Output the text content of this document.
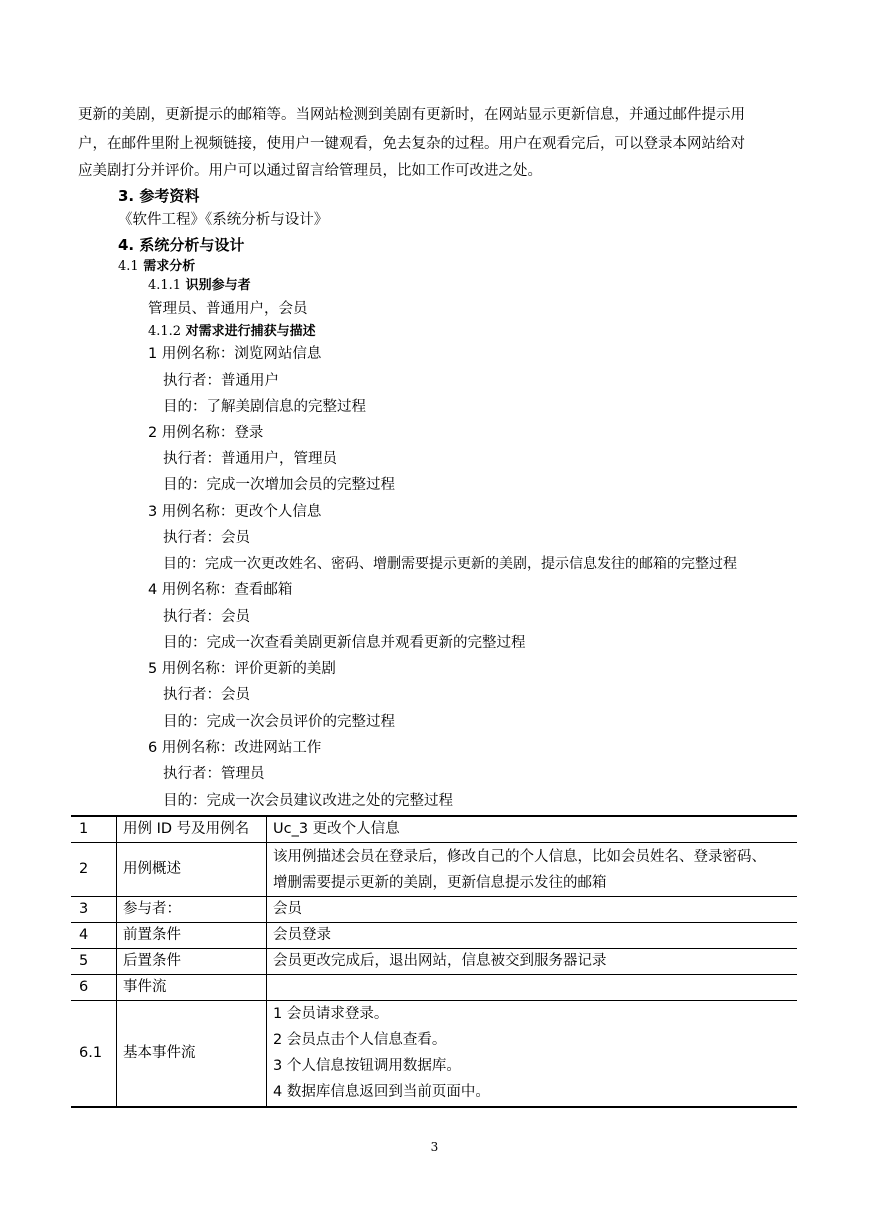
更新的美剧，更新提示的邮箱等。当网站检测到美剧有更新时，在网站显示更新信息，并通过邮件提示用
户，在邮件里附上视频链接，使用户一键观看，免去复杂的过程。用户在观看完后，可以登录本网站给对
应美剧打分并评价。用户可以通过留言给管理员，比如工作可改进之处。
3. 参考资料
《软件工程》《系统分析与设计》
4. 系统分析与设计
4.1 需求分析
4.1.1 识别参与者
管理员、普通用户，会员
4.1.2 对需求进行捕获与描述
1 用例名称：浏览网站信息
执行者：普通用户
目的：了解美剧信息的完整过程
2 用例名称：登录
执行者：普通用户，管理员
目的：完成一次增加会员的完整过程
3 用例名称：更改个人信息
执行者：会员
目的：完成一次更改姓名、密码、增删需要提示更新的美剧，提示信息发往的邮箱的完整过程
4 用例名称：查看邮箱
执行者：会员
目的：完成一次查看美剧更新信息并观看更新的完整过程
5 用例名称：评价更新的美剧
执行者：会员
目的：完成一次会员评价的完整过程
6 用例名称：改进网站工作
执行者：管理员
目的：完成一次会员建议改进之处的完整过程
1	用例 ID 号及用例名	Uc_3 更改个人信息
2	用例概述	该用例描述会员在登录后，修改自己的个人信息，比如会员姓名、登录密码、
增删需要提示更新的美剧，更新信息提示发往的邮箱

3	参与者：	会员
4	前置条件	会员登录
5	后置条件	会员更改完成后，退出网站，信息被交到服务器记录
6	事件流	
6.1	基本事件流	1 会员请求登录。
2 会员点击个人信息查看。
3 个人信息按钮调用数据库。
4 数据库信息返回到当前页面中。
3
